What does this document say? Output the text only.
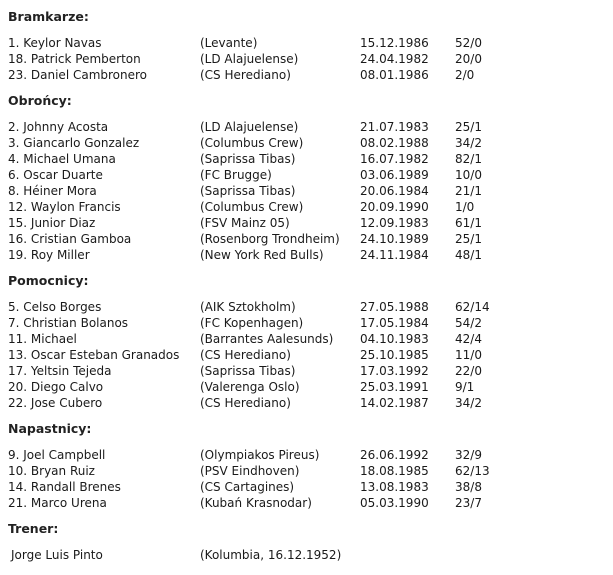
Bramkarze:
1. Keylor Navas	(Levante)	15.12.1986 52/0
18. Patrick Pemberton	(LD Alajuelense)	24.04.1982 20/0
23. Daniel Cambronero	(CS Herediano)	08.01.1986 2/0
Obrońcy:
2. Johnny Acosta	(LD Alajuelense)	21.07.1983 25/1
3. Giancarlo Gonzalez	(Columbus Crew)	08.02.1988 34/2
4. Michael Umana	(Saprissa Tibas)	16.07.1982 82/1
6. Oscar Duarte	(FC Brugge)	03.06.1989 10/0
8. Héiner Mora	(Saprissa Tibas)	20.06.1984 21/1
12. Waylon Francis	(Columbus Crew)	20.09.1990 1/0
15. Junior Diaz	(FSV Mainz 05)	12.09.1983 61/1
16. Cristian Gamboa	(Rosenborg Trondheim) 24.10.1989 25/1
19. Roy Miller	(New York Red Bulls)	24.11.1984 48/1
Pomocnicy:
5. Celso Borges	(AIK Sztokholm)	27.05.1988 62/14
7. Christian Bolanos	(FC Kopenhagen)	17.05.1984 54/2
11. Michael	(Barrantes Aalesunds) 04.10.1983 42/4
13. Oscar Esteban Granados (CS Herediano)	25.10.1985 11/0
17. Yeltsin Tejeda	(Saprissa Tibas)	17.03.1992 22/0
20. Diego Calvo	(Valerenga Oslo)	25.03.1991 9/1
22. Jose Cubero	(CS Herediano)	14.02.1987 34/2
Napastnicy:
9. Joel Campbell	(Olympiakos Pireus)	26.06.1992 32/9
10. Bryan Ruiz	(PSV Eindhoven)	18.08.1985 62/13
14. Randall Brenes	(CS Cartagines)	13.08.1983 38/8
21. Marco Urena	(Kubań Krasnodar)	05.03.1990 23/7
Trener:
Jorge Luis Pinto	(Kolumbia, 16.12.1952)
